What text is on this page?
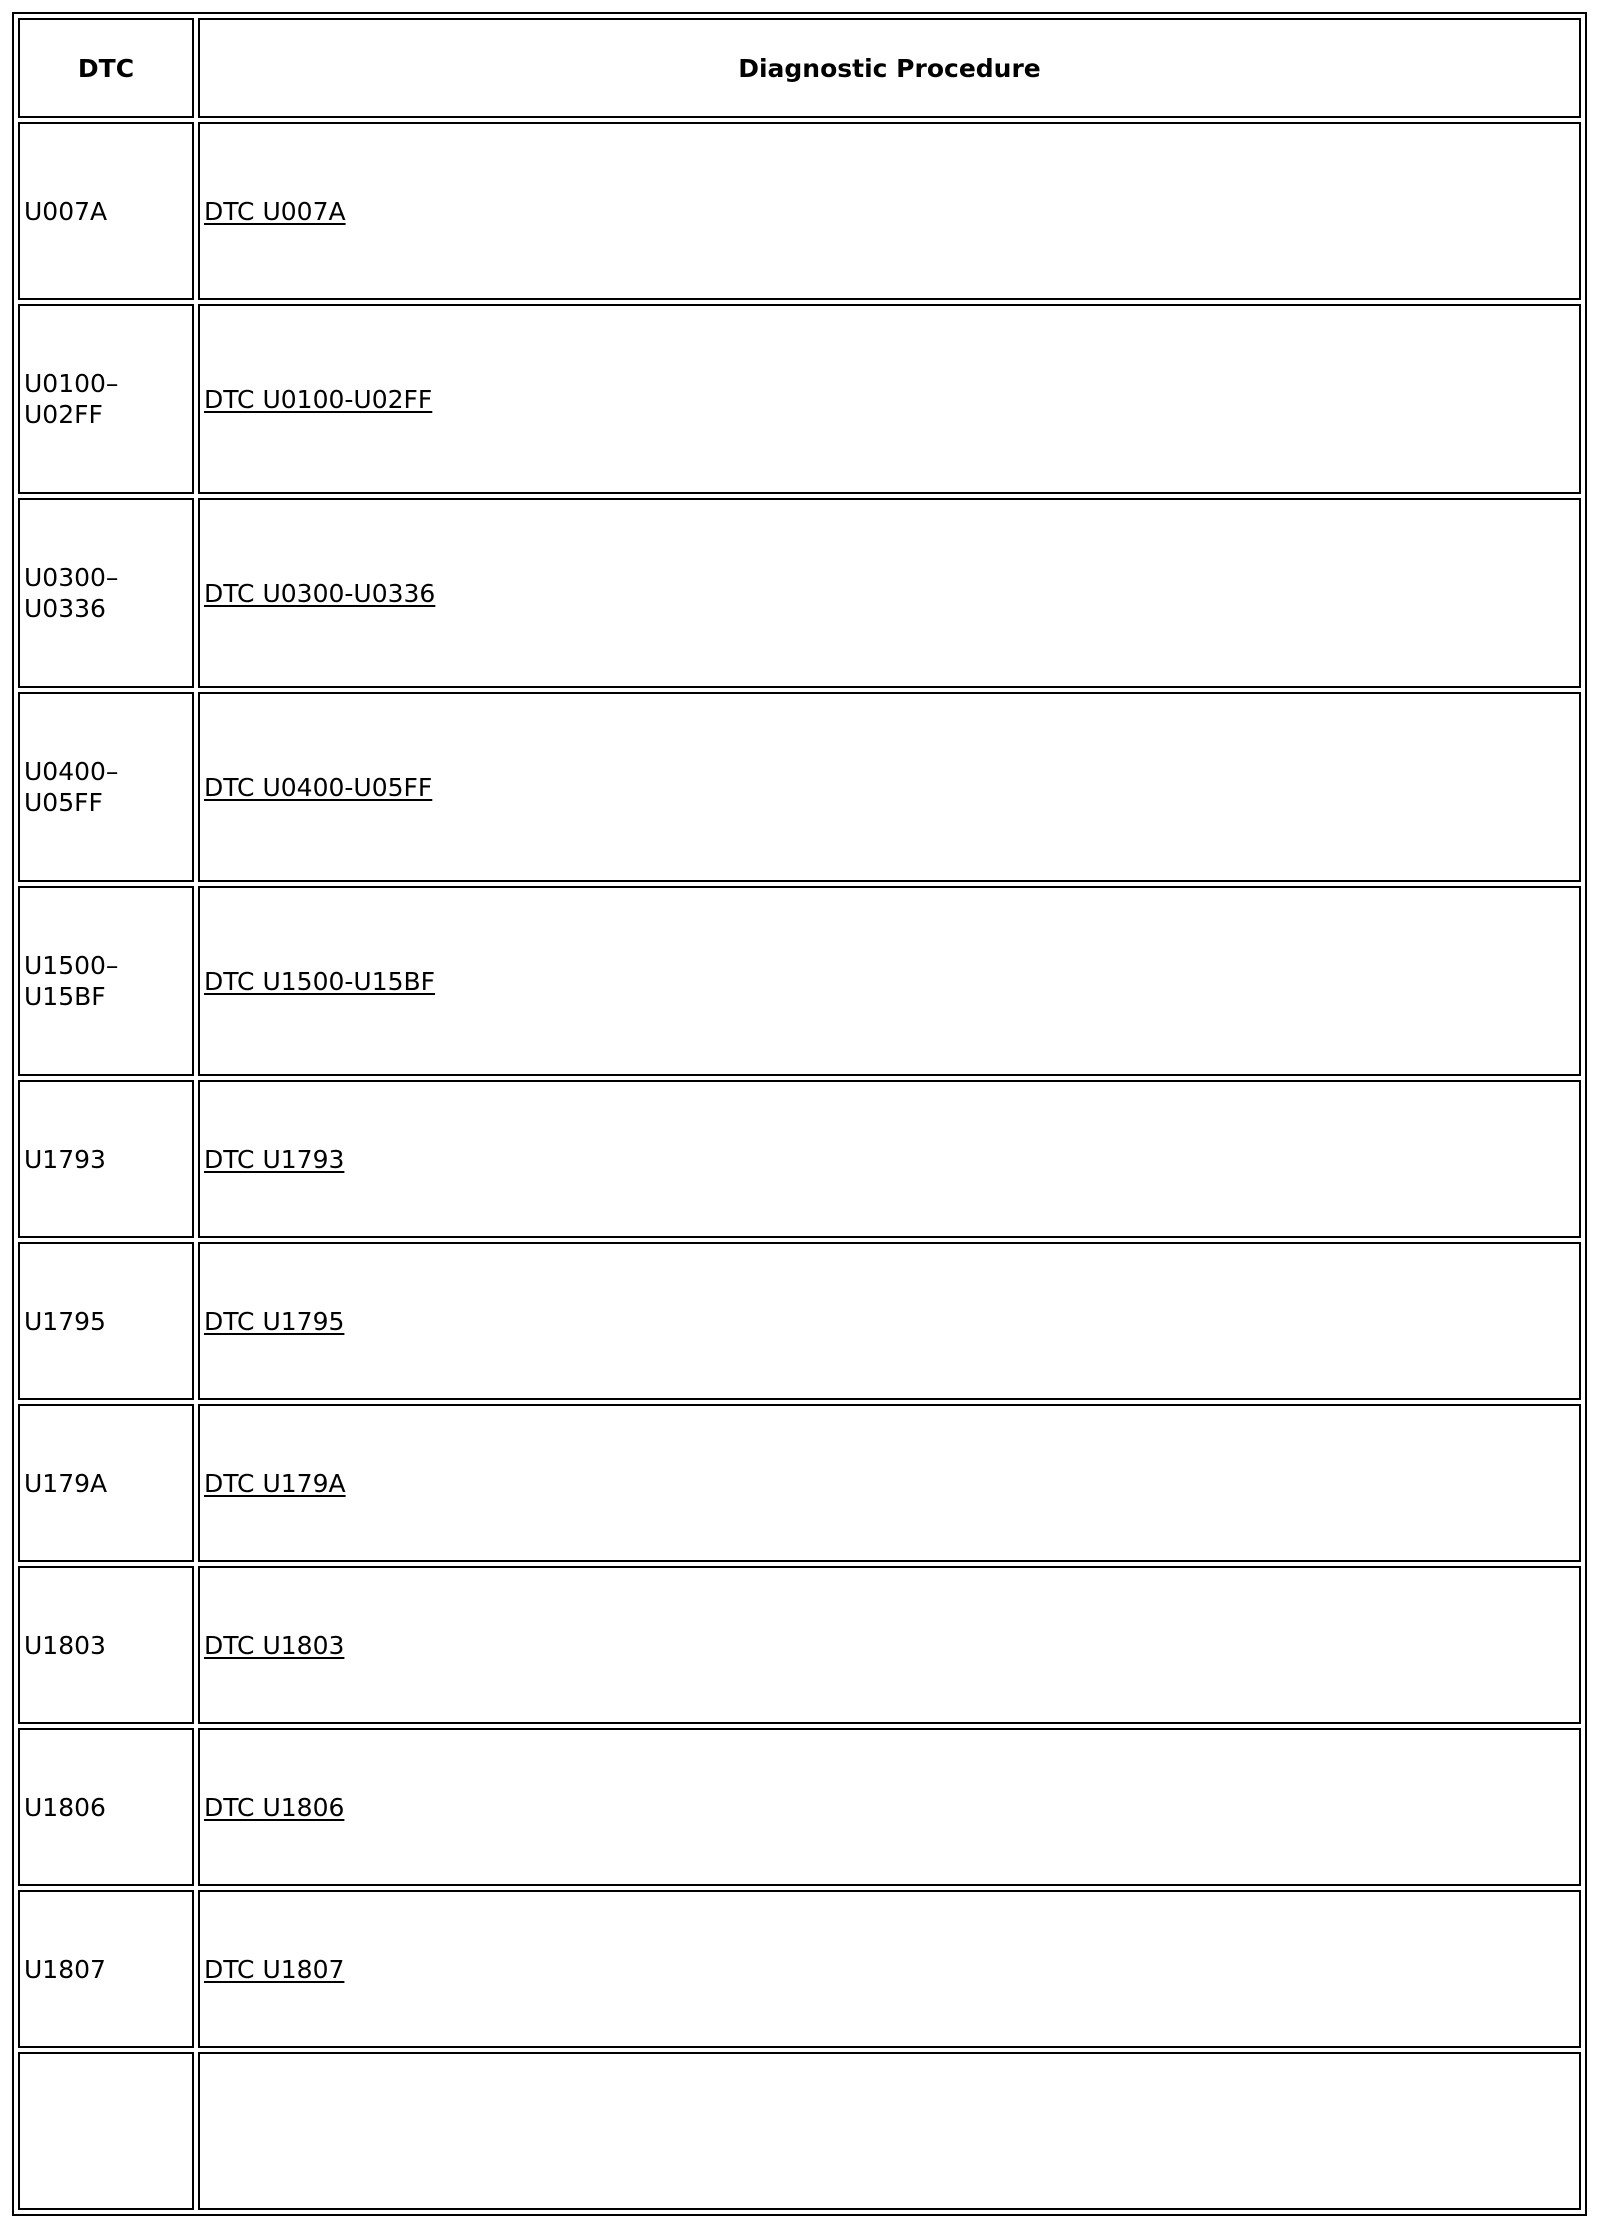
DTC	Diagnostic Procedure

U007A	DTC U007A

U0100–
U02FF	DTC U0100-U02FF

U0300–
U0336	DTC U0300-U0336

U0400–
U05FF	DTC U0400-U05FF

U1500–
U15BF	DTC U1500-U15BF

U1793	DTC U1793

U1795	DTC U1795

U179A	DTC U179A

U1803	DTC U1803

U1806	DTC U1806

U1807	DTC U1807
